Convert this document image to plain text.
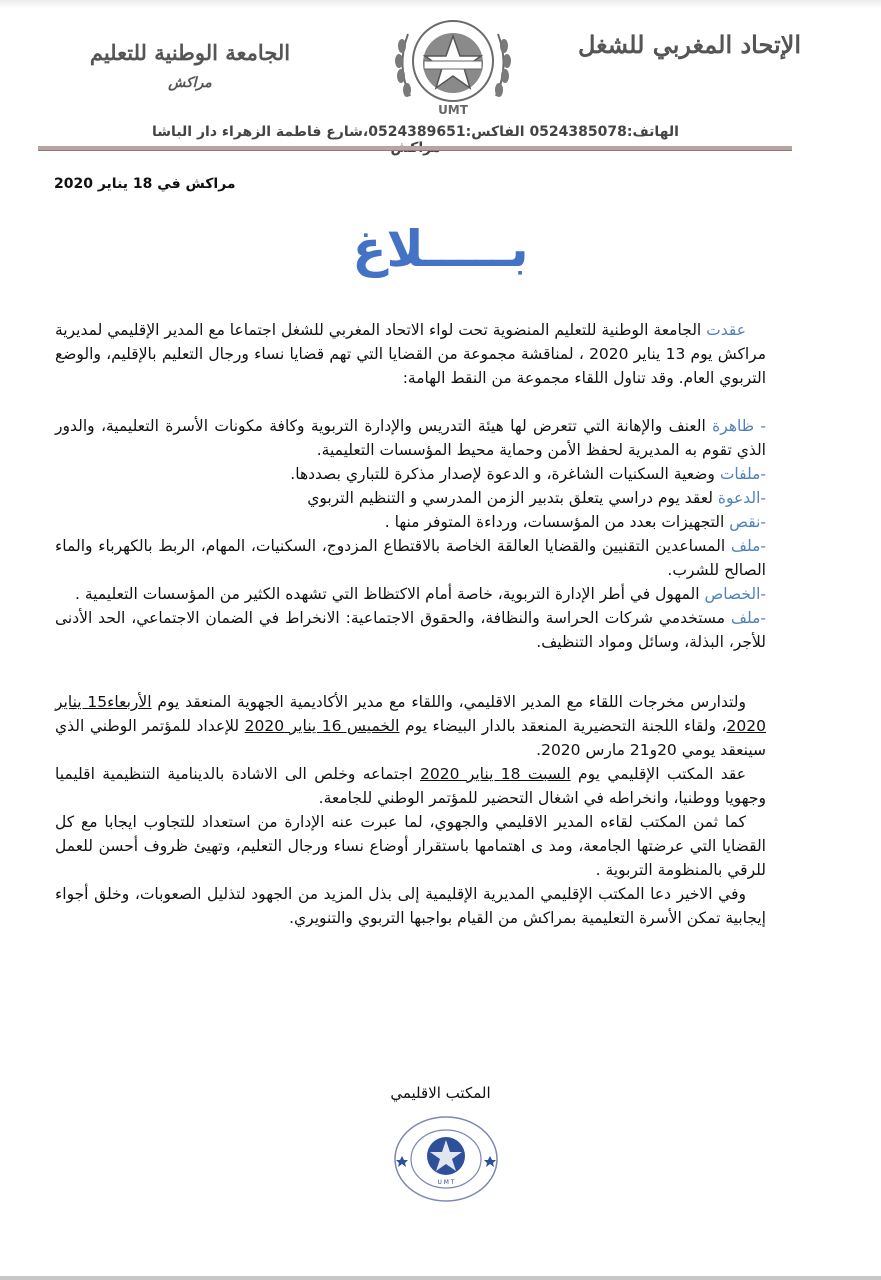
الإتحاد المغربي للشغل
الجامعة الوطنية للتعليم
مراكش
UMT
الهاتف:0524385078 الفاكس:0524389651،شارع فاطمة الزهراء دار الباشا
مراكش في 18 يناير 2020
بـــــلاغ

عقدت الجامعة الوطنية للتعليم المنضوية تحت لواء الاتحاد المغربي للشغل اجتماعا مع المدير الإقليمي لمديرية مراكش يوم 13 يناير 2020 ، لمناقشة مجموعة من القضايا التي تهم قضايا نساء ورجال التعليم بالإقليم، والوضع التربوي العام. وقد تناول اللقاء مجموعة من النقط الهامة:

- ظاهرة العنف والإهانة التي تتعرض لها هيئة التدريس والإدارة التربوية وكافة مكونات الأسرة التعليمية، والدور الذي تقوم به المديرية لحفظ الأمن وحماية محيط المؤسسات التعليمية.

-ملفات وضعية السكنيات الشاغرة، و الدعوة لإصدار مذكرة للتباري بصددها.

-الدعوة لعقد يوم دراسي يتعلق بتدبير الزمن المدرسي و التنظيم التربوي

-نقص التجهيزات بعدد من المؤسسات، ورداءة المتوفر منها .

-ملف المساعدين التقنيين والقضايا العالقة الخاصة بالاقتطاع المزدوج، السكنيات، المهام، الربط بالكهرباء والماء الصالح للشرب.

-الخصاص المهول في أطر الإدارة التربوية، خاصة أمام الاكتظاظ التي تشهده الكثير من المؤسسات التعليمية .

-ملف مستخدمي شركات الحراسة والنظافة، والحقوق الاجتماعية: الانخراط في الضمان الاجتماعي، الحد الأدنى للأجر، البذلة، وسائل ومواد التنظيف.

ولتدارس مخرجات اللقاء مع المدير الاقليمي، واللقاء مع مدير الأكاديمية الجهوية المنعقد يوم الأربعاء15 يناير 2020، ولقاء اللجنة التحضيرية المنعقد بالدار البيضاء يوم الخميس 16 يناير 2020 للإعداد للمؤتمر الوطني الذي سينعقد يومي 20و21 مارس 2020.

عقد المكتب الإقليمي يوم السبت 18 يناير 2020 اجتماعه وخلص الى الاشادة بالدينامية التنظيمية اقليميا وجهويا ووطنيا، وانخراطه في اشغال التحضير للمؤتمر الوطني للجامعة.

كما ثمن المكتب لقاءه المدير الاقليمي والجهوي، لما عبرت عنه الإدارة من استعداد للتجاوب ايجابا مع كل القضايا التي عرضتها الجامعة، ومد ى اهتمامها باستقرار أوضاع نساء ورجال التعليم، وتهيئ ظروف أحسن للعمل للرقي بالمنظومة التربوية .

وفي الاخير دعا المكتب الإقليمي المديرية الإقليمية إلى بذل المزيد من الجهود لتذليل الصعوبات، وخلق أجواء إيجابية تمكن الأسرة التعليمية بمراكش من القيام بواجبها التربوي والتنويري.

المكتب الاقليمي
U M T
